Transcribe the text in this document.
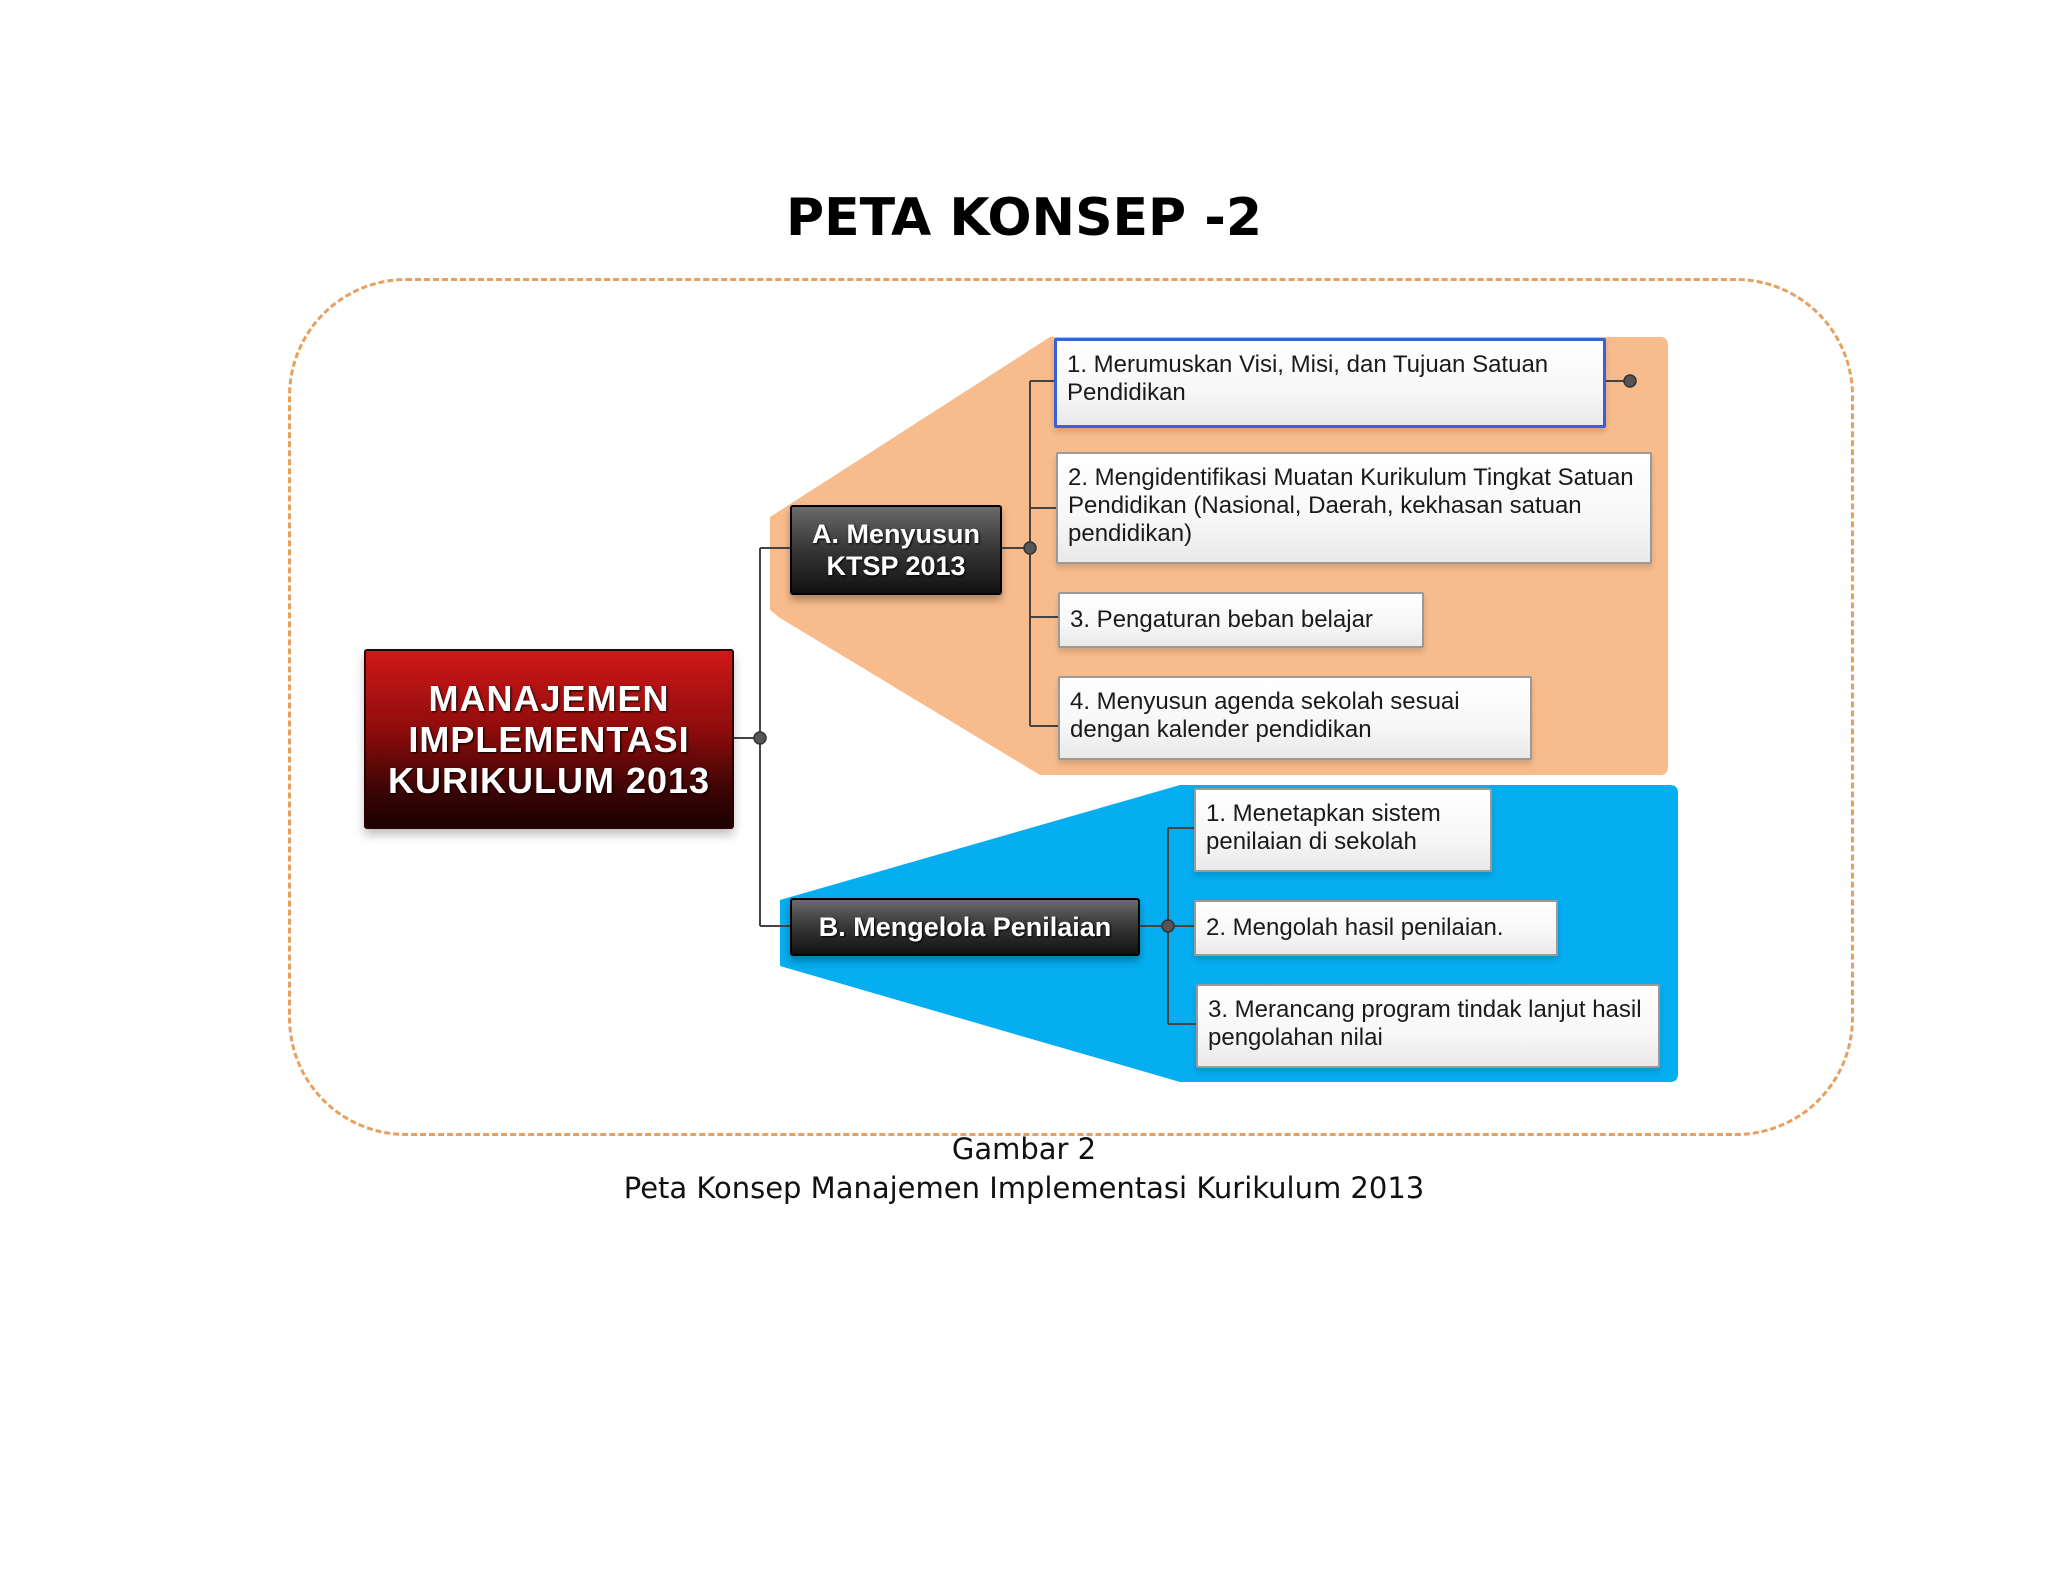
PETA KONSEP -2
MANAJEMEN IMPLEMENTASI KURIKULUM 2013
A. Menyusun KTSP 2013
B. Mengelola Penilaian
1. Merumuskan Visi, Misi, dan Tujuan Satuan Pendidikan
2. Mengidentifikasi Muatan Kurikulum Tingkat Satuan Pendidikan (Nasional, Daerah, kekhasan satuan pendidikan)
3. Pengaturan beban belajar
4. Menyusun agenda sekolah sesuai dengan kalender pendidikan
1. Menetapkan sistem penilaian di sekolah
2. Mengolah hasil penilaian.
3. Merancang program tindak lanjut hasil pengolahan nilai
Gambar 2
Peta Konsep Manajemen Implementasi Kurikulum 2013
